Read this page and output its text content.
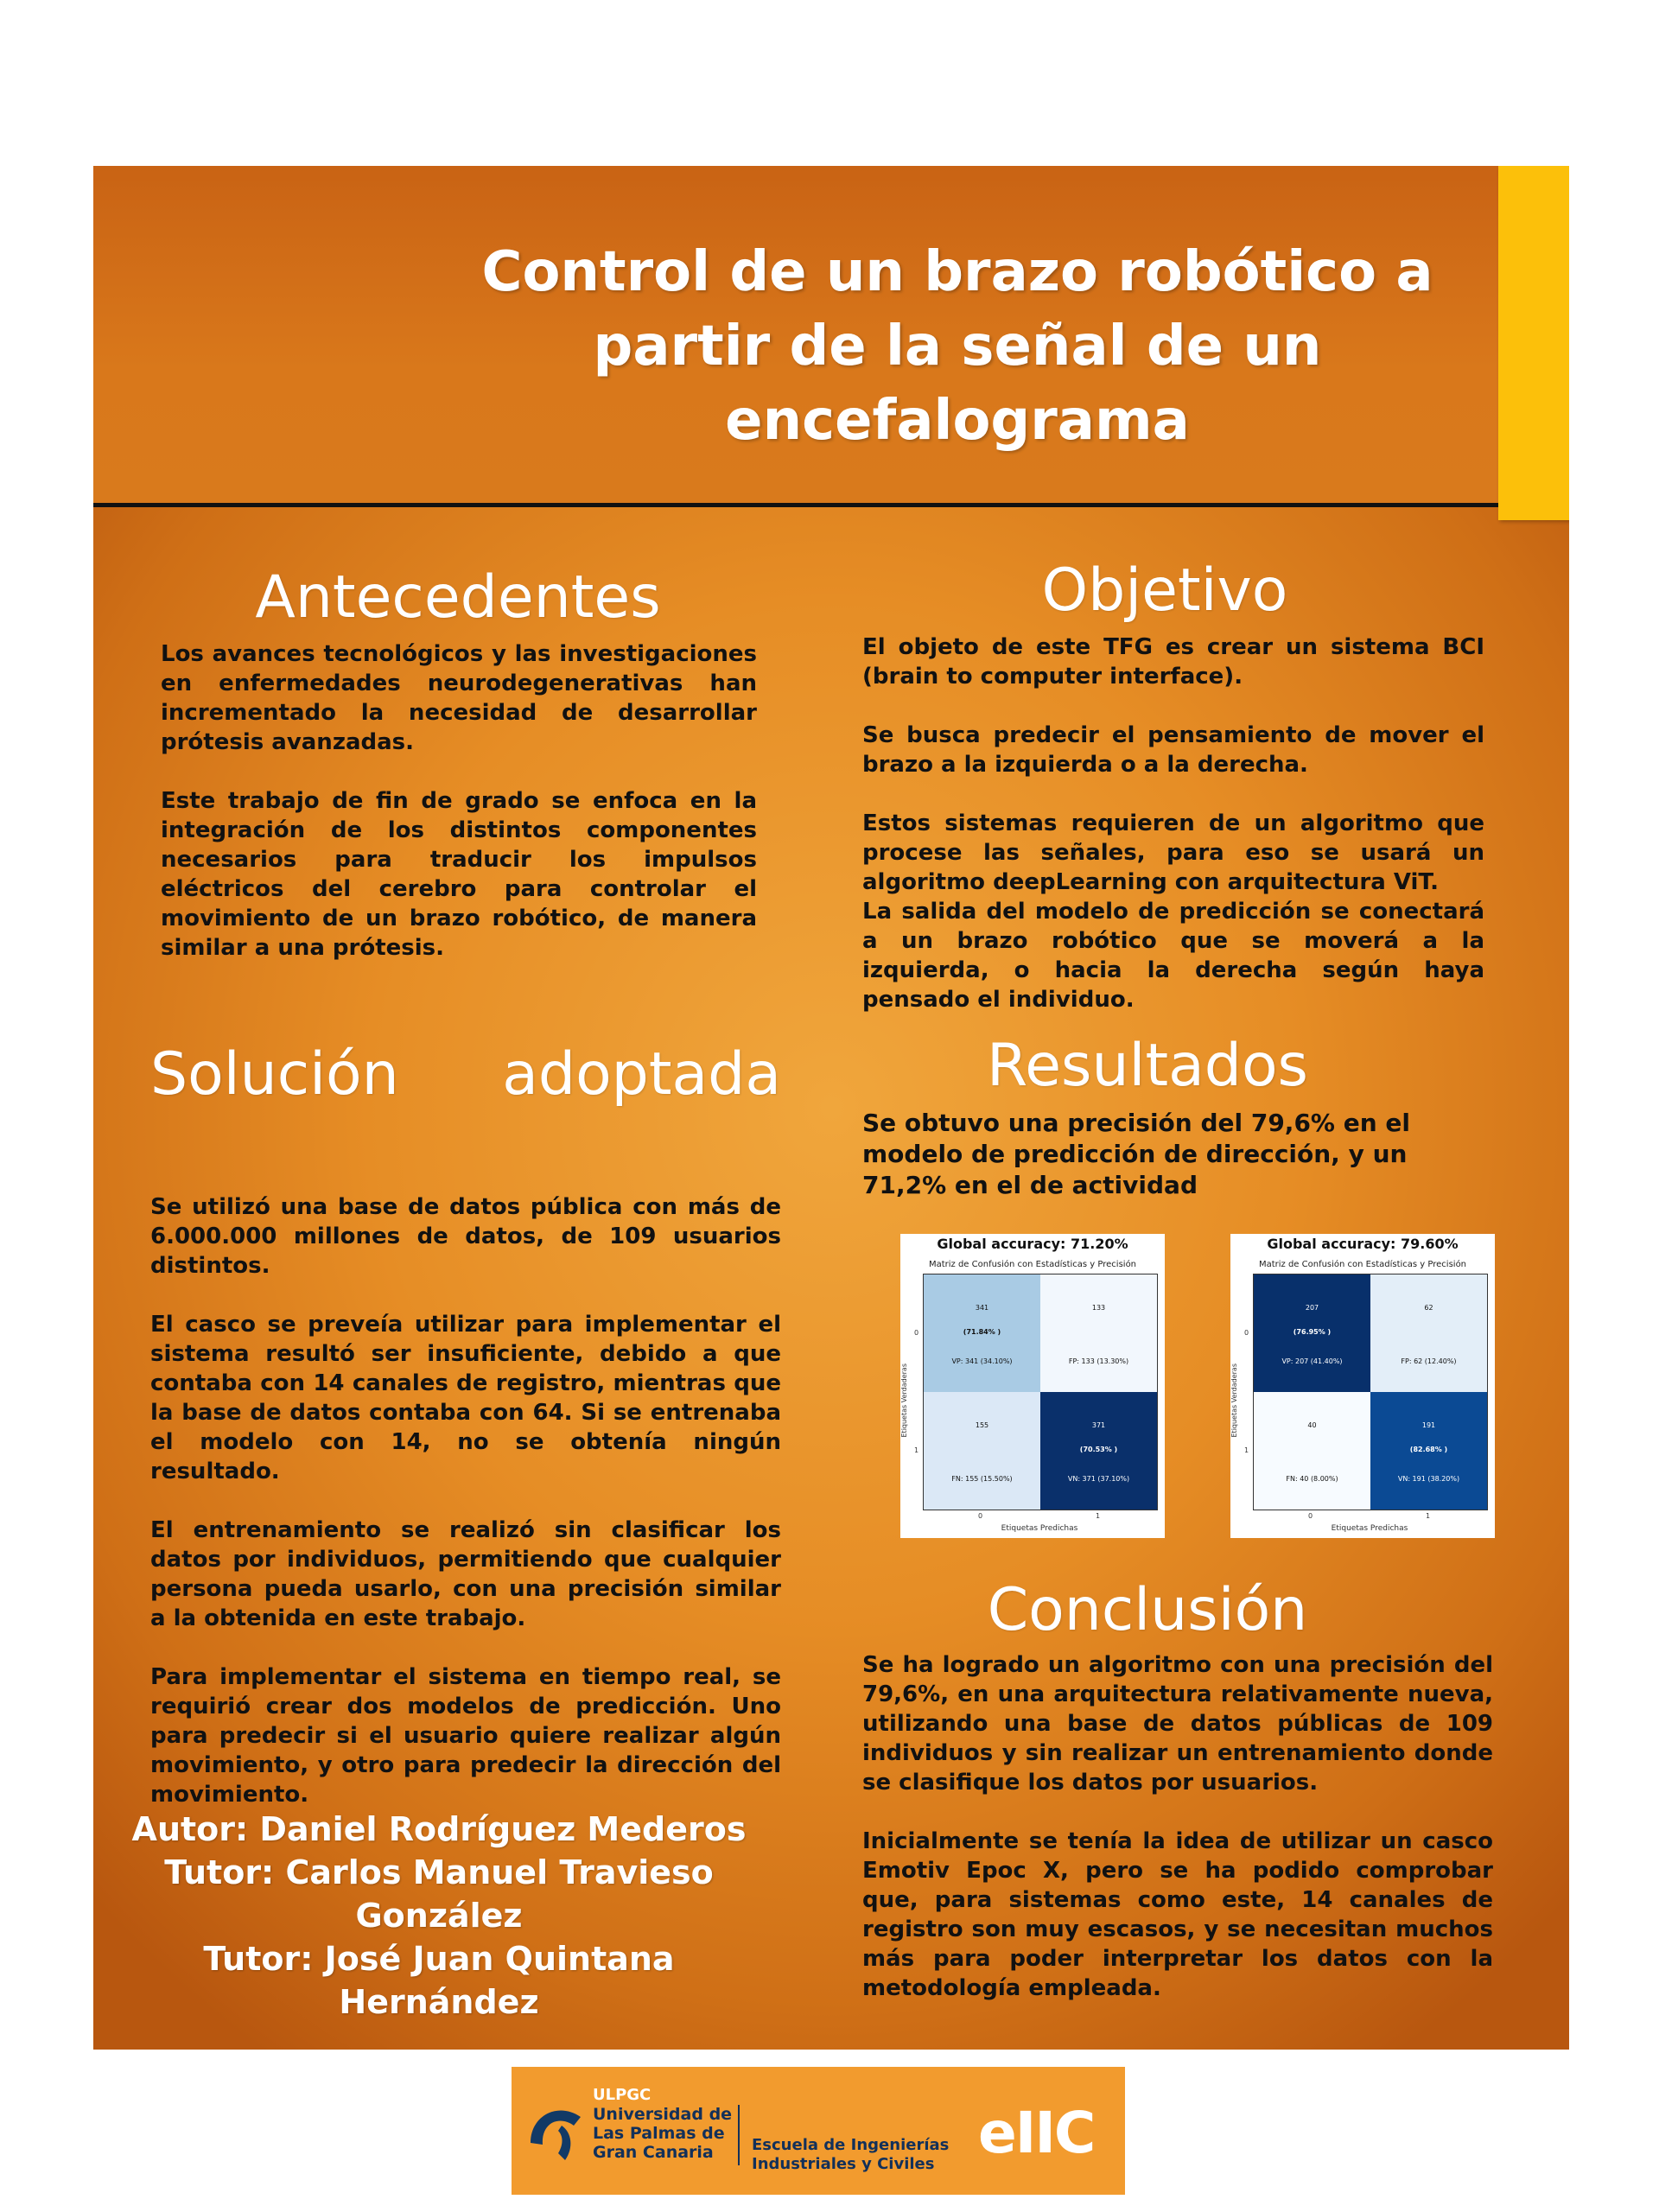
Control de un brazo robótico a partir de la señal de un encefalograma
Antecedentes

Los avances tecnológicos y las investigaciones en enfermedades neurodegenerativas han incrementado la necesidad de desarrollar prótesis avanzadas.

Este trabajo de fin de grado se enfoca en la integración de los distintos componentes necesarios para traducir los impulsos eléctricos del cerebro para controlar el movimiento de un brazo robótico, de manera similar a una prótesis.

Objetivo

El objeto de este TFG es crear un sistema BCI (brain to computer interface).

Se busca predecir el pensamiento de mover el brazo a la izquierda o a la derecha.

Estos sistemas requieren de un algoritmo que procese las señales, para eso se usará un algoritmo deepLearning con arquitectura ViT.

La salida del modelo de predicción se conectará a un brazo robótico que se moverá a la izquierda, o hacia la derecha según haya pensado el individuo.

Solución adoptada

Se utilizó una base de datos pública con más de 6.000.000 millones de datos, de 109 usuarios distintos.

El casco se preveía utilizar para implementar el sistema resultó ser insuficiente, debido a que contaba con 14 canales de registro, mientras que la base de datos contaba con 64. Si se entrenaba el modelo con 14, no se obtenía ningún resultado.

El entrenamiento se realizó sin clasificar los datos por individuos, permitiendo que cualquier persona pueda usarlo, con una precisión similar a la obtenida en este trabajo.

Para implementar el sistema en tiempo real, se requirió crear dos modelos de predicción. Uno para predecir si el usuario quiere realizar algún movimiento, y otro para predecir la dirección del movimiento.

Resultados
Se obtuvo una precisión del 79,6% en el modelo de predicción de dirección, y un 71,2% en el de actividad
Global accuracy: 71.20%
Matriz de Confusión con Estadísticas y Precisión
Etiquetas Verdaderas
Etiquetas Predichas
341
(71.84% )
VP: 341 (34.10%)
133
FP: 133 (13.30%)
155
FN: 155 (15.50%)
371
(70.53% )
VN: 371 (37.10%)
0
1
0	1
Global accuracy: 79.60%
Matriz de Confusión con Estadísticas y Precisión
Etiquetas Verdaderas
Etiquetas Predichas
207
(76.95% )
VP: 207 (41.40%)
62
FP: 62 (12.40%)
40
FN: 40 (8.00%)
191
(82.68% )
VN: 191 (38.20%)
0
1
0	1
Conclusión

Se ha logrado un algoritmo con una precisión del 79,6%, en una arquitectura relativamente nueva, utilizando una base de datos públicas de 109 individuos y sin realizar un entrenamiento donde se clasifique los datos por usuarios.

Inicialmente se tenía la idea de utilizar un casco Emotiv Epoc X, pero se ha podido comprobar que, para sistemas como este, 14 canales de registro son muy escasos, y se necesitan muchos más para poder interpretar los datos con la metodología empleada.

Autor: Daniel Rodríguez Mederos
Tutor: Carlos Manuel Travieso González
Tutor: José Juan Quintana Hernández
ULPGC
Universidad de
Las Palmas de
Gran Canaria	Escuela de Ingenierías
Industriales y Civiles eIIC
